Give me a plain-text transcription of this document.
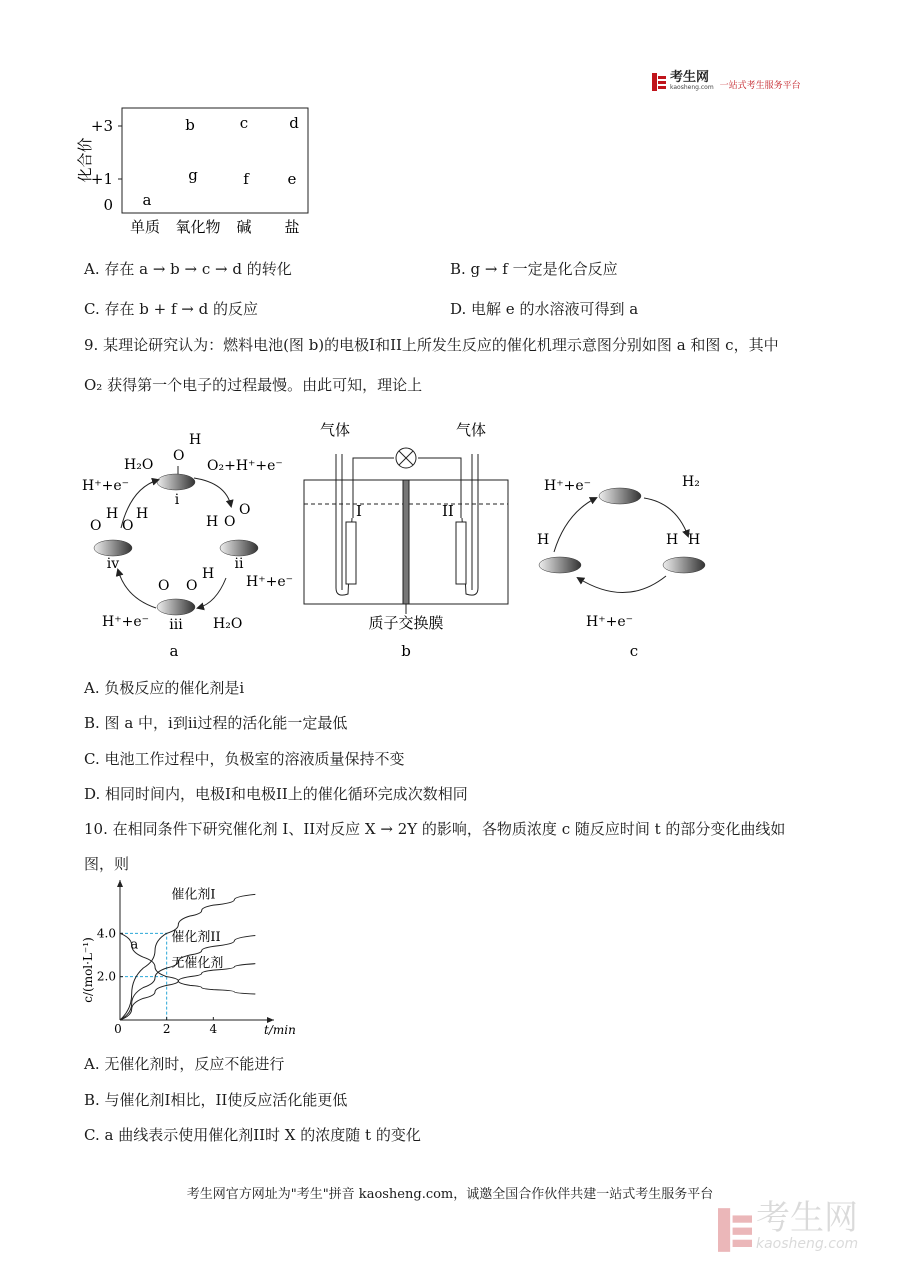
考生网
kaosheng.com 一站式考生服务平台
+3
+1
0
b	c	d
g	f	e
a
单质 氧化物 碱 盐
化合价
A. 存在 a → b → c → d 的转化	B. g → f 一定是化合反应
C. 存在 b + f → d 的反应	D. 电解 e 的水溶液可得到 a
9. 某理论研究认为：燃料电池(图 b)的电极I和II上所发生反应的催化机理示意图分别如图 a 和图 c，其中
O₂ 获得第一个电子的过程最慢。由此可知，理论上
O
H
i
H O
O
ii
O O
H
iii
O
H
O
H
iv
H₂O	O₂+H⁺+e⁻
H⁺+e⁻
H⁺+e⁻
H⁺+e⁻	H₂O
a
气体	气体
I	II
质子交换膜
b
H	H H
H₂
H⁺+e⁻
H⁺+e⁻
c
A. 负极反应的催化剂是i
B. 图 a 中，i到ii过程的活化能一定最低
C. 电池工作过程中，负极室的溶液质量保持不变
D. 相同时间内，电极I和电极II上的催化循环完成次数相同
10. 在相同条件下研究催化剂 I、II对反应 X → 2Y 的影响，各物质浓度 c 随反应时间 t 的部分变化曲线如
图，则
催化剂I
催化剂II
无催化剂
a
0	2	4
2.0
4.0
t/min
c/(mol·L⁻¹)
A. 无催化剂时，反应不能进行
B. 与催化剂I相比，II使反应活化能更低
C. a 曲线表示使用催化剂II时 X 的浓度随 t 的变化
考生网官方网址为"考生"拼音 kaosheng.com，诚邀全国合作伙伴共建一站式考生服务平台
考生网
kaosheng.com
